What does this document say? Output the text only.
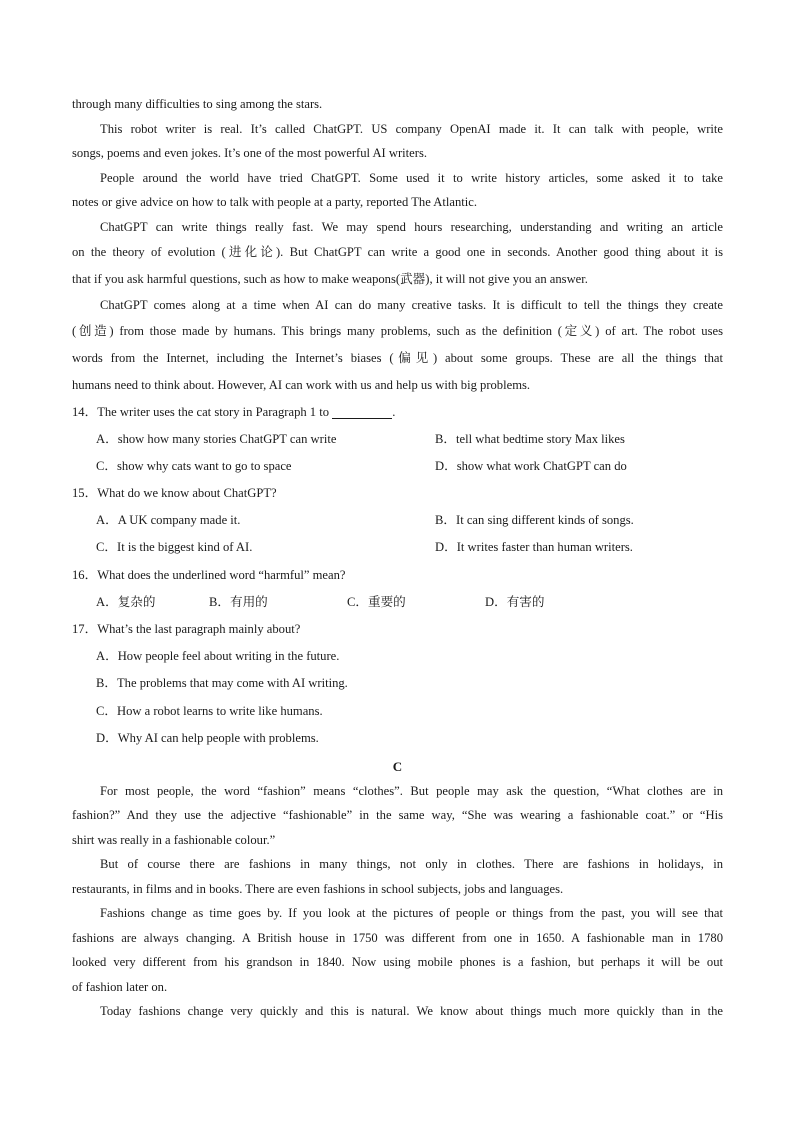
through many difficulties to sing among the stars.
This robot writer is real. It’s called ChatGPT. US company OpenAI made it. It can talk with people, write
songs, poems and even jokes. It’s one of the most powerful AI writers.
People around the world have tried ChatGPT. Some used it to write history articles, some asked it to take
notes or give advice on how to talk with people at a party, reported The Atlantic.
ChatGPT can write things really fast. We may spend hours researching, understanding and writing an article
on the theory of evolution (进化论). But ChatGPT can write a good one in seconds. Another good thing about it is
that if you ask harmful questions, such as how to make weapons(武器), it will not give you an answer.
ChatGPT comes along at a time when AI can do many creative tasks. It is difficult to tell the things they create
(创造) from those made by humans. This brings many problems, such as the definition (定义) of art. The robot uses
words from the Internet, including the Internet’s biases (偏见) about some groups. These are all the things that
humans need to think about. However, AI can work with us and help us with big problems.
14．The writer uses the cat story in Paragraph 1 to	.
A．show how many stories ChatGPT can write	B．tell what bedtime story Max likes
C．show why cats want to go to space	D．show what work ChatGPT can do
15．What do we know about ChatGPT?
A．A UK company made it.	B．It can sing different kinds of songs.
C．It is the biggest kind of AI.	D．It writes faster than human writers.
16．What does the underlined word “harmful” mean?
A．复杂的	B．有用的	C．重要的	D．有害的
17．What’s the last paragraph mainly about?
A．How people feel about writing in the future.
B．The problems that may come with AI writing.
C．How a robot learns to write like humans.
D．Why AI can help people with problems.
C
For most people, the word “fashion” means “clothes”. But people may ask the question, “What clothes are in
fashion?” And they use the adjective “fashionable” in the same way, “She was wearing a fashionable coat.” or “His
shirt was really in a fashionable colour.”
But of course there are fashions in many things, not only in clothes. There are fashions in holidays, in
restaurants, in films and in books. There are even fashions in school subjects, jobs and languages.
Fashions change as time goes by. If you look at the pictures of people or things from the past, you will see that
fashions are always changing. A British house in 1750 was different from one in 1650. A fashionable man in 1780
looked very different from his grandson in 1840. Now using mobile phones is a fashion, but perhaps it will be out
of fashion later on.
Today fashions change very quickly and this is natural. We know about things much more quickly than in the
